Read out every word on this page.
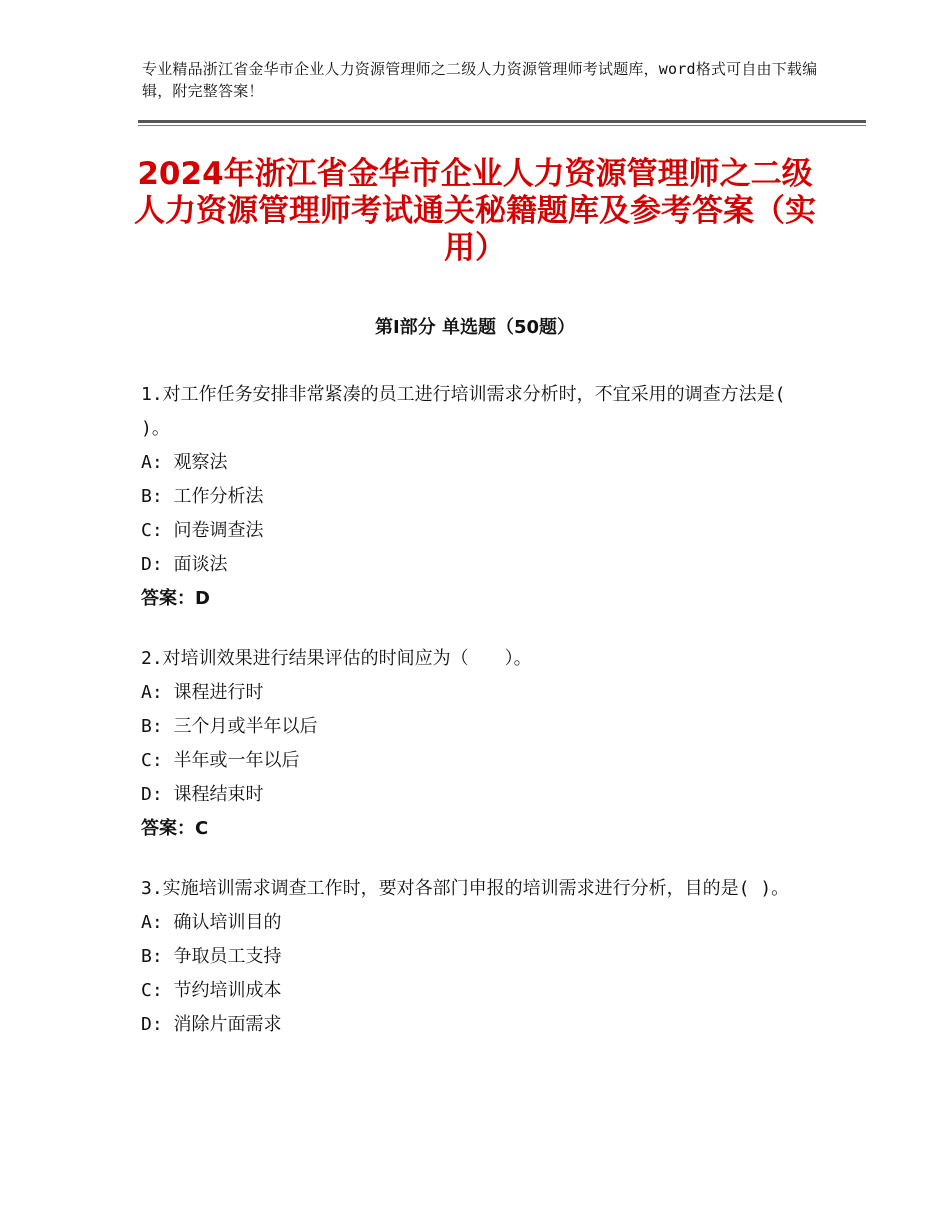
专业精品浙江省金华市企业人力资源管理师之二级人力资源管理师考试题库，word格式可自由下载编辑，附完整答案！
2024年浙江省金华市企业人力资源管理师之二级人力资源管理师考试通关秘籍题库及参考答案（实用）
第Ⅰ部分 单选题（50题）
1.对工作任务安排非常紧凑的员工进行培训需求分析时，不宜采用的调查方法是( )。
A: 观察法
B: 工作分析法
C: 问卷调查法
D: 面谈法
答案：D
2.对培训效果进行结果评估的时间应为（　　）。
A: 课程进行时
B: 三个月或半年以后
C: 半年或一年以后
D: 课程结束时
答案：C
3.实施培训需求调查工作时，要对各部门申报的培训需求进行分析，目的是( )。
A: 确认培训目的
B: 争取员工支持
C: 节约培训成本
D: 消除片面需求
